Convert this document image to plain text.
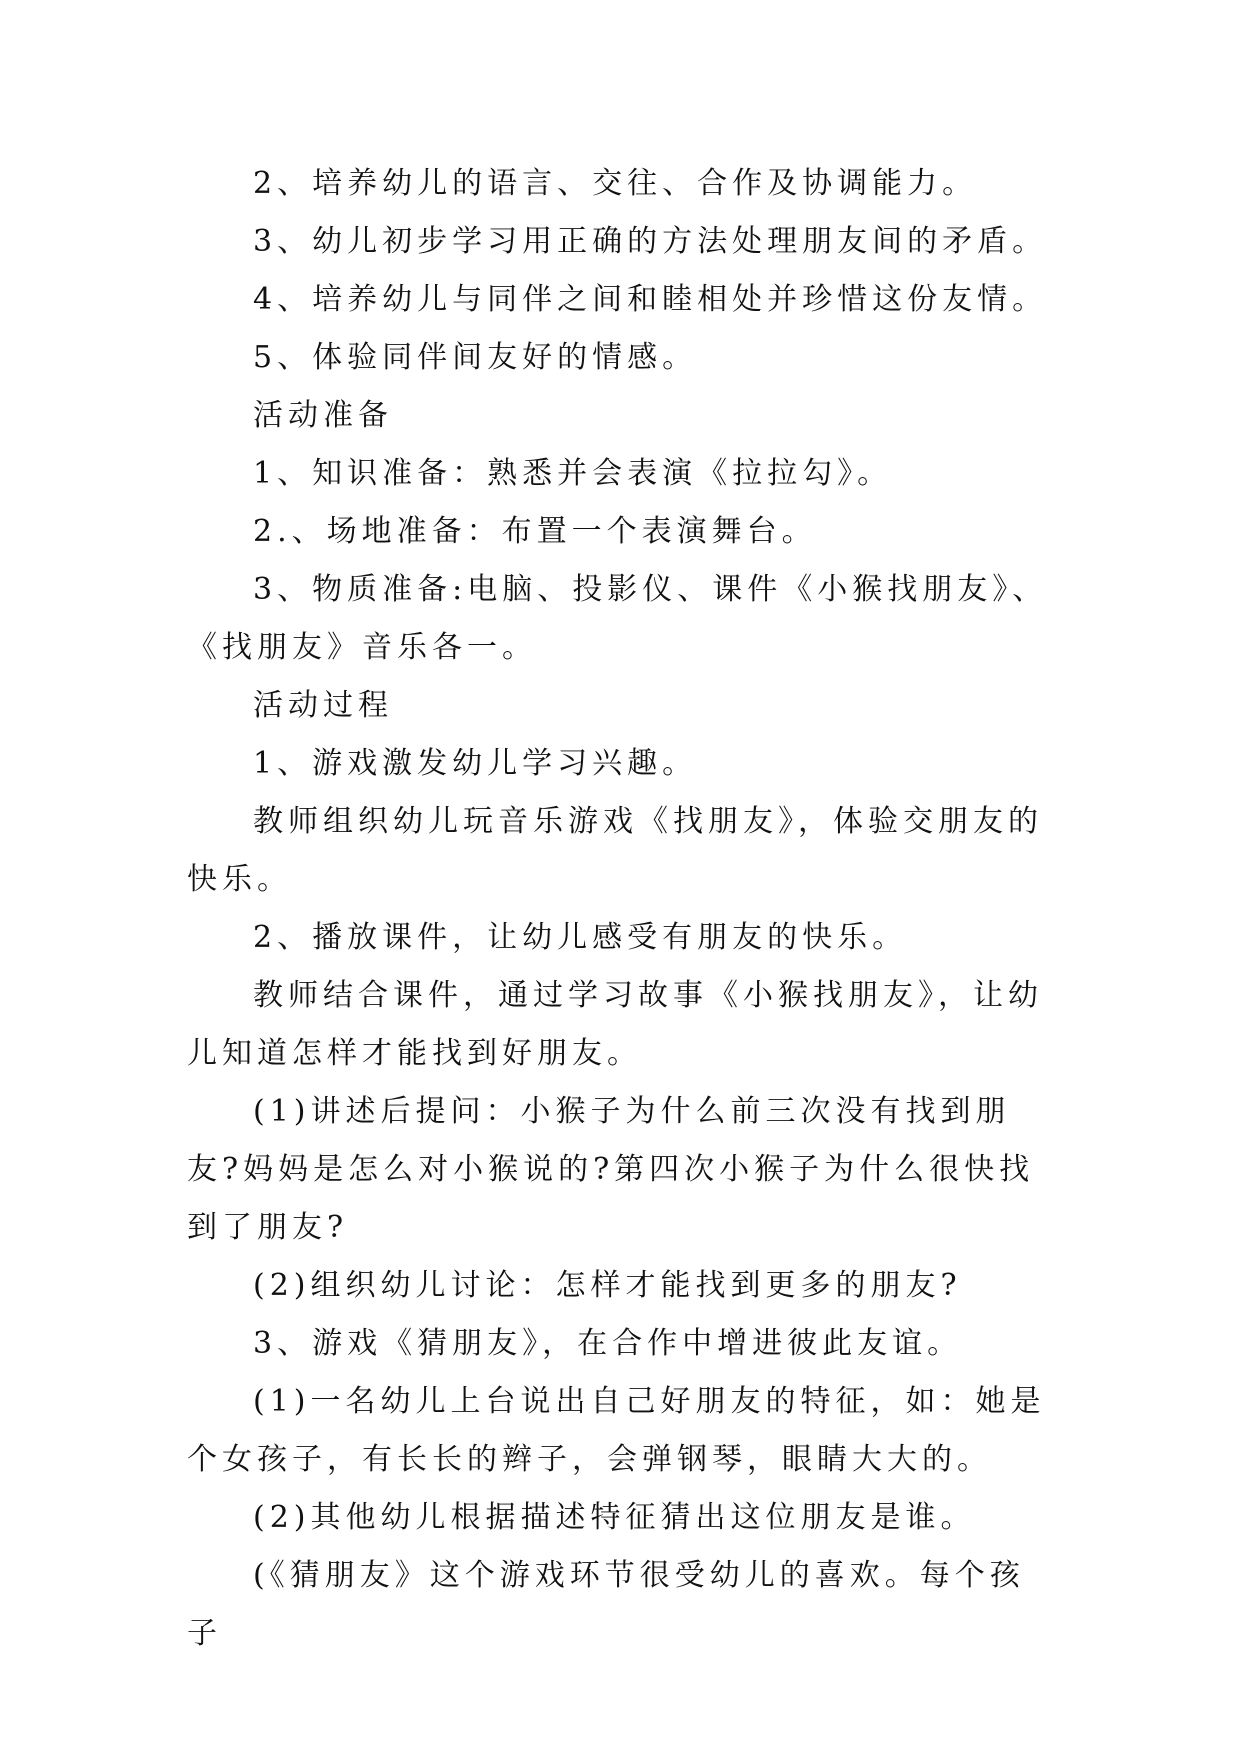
2、培养幼儿的语言、交往、合作及协调能力。

3、幼儿初步学习用正确的方法处理朋友间的矛盾。

4、培养幼儿与同伴之间和睦相处并珍惜这份友情。

5、体验同伴间友好的情感。

活动准备

1、知识准备：熟悉并会表演《拉拉勾》。

2.、场地准备：布置一个表演舞台。

3、物质准备:电脑、投影仪、课件《小猴找朋友》、《找朋友》音乐各一。

活动过程

1、游戏激发幼儿学习兴趣。

教师组织幼儿玩音乐游戏《找朋友》，体验交朋友的快乐。

2、播放课件，让幼儿感受有朋友的快乐。

教师结合课件，通过学习故事《小猴找朋友》，让幼儿知道怎样才能找到好朋友。

(1)讲述后提问：小猴子为什么前三次没有找到朋友?妈妈是怎么对小猴说的?第四次小猴子为什么很快找到了朋友?

(2)组织幼儿讨论：怎样才能找到更多的朋友?

3、游戏《猜朋友》，在合作中增进彼此友谊。

(1)一名幼儿上台说出自己好朋友的特征，如：她是个女孩子，有长长的辫子，会弹钢琴，眼睛大大的。

(2)其他幼儿根据描述特征猜出这位朋友是谁。

(《猜朋友》这个游戏环节很受幼儿的喜欢。每个孩子
